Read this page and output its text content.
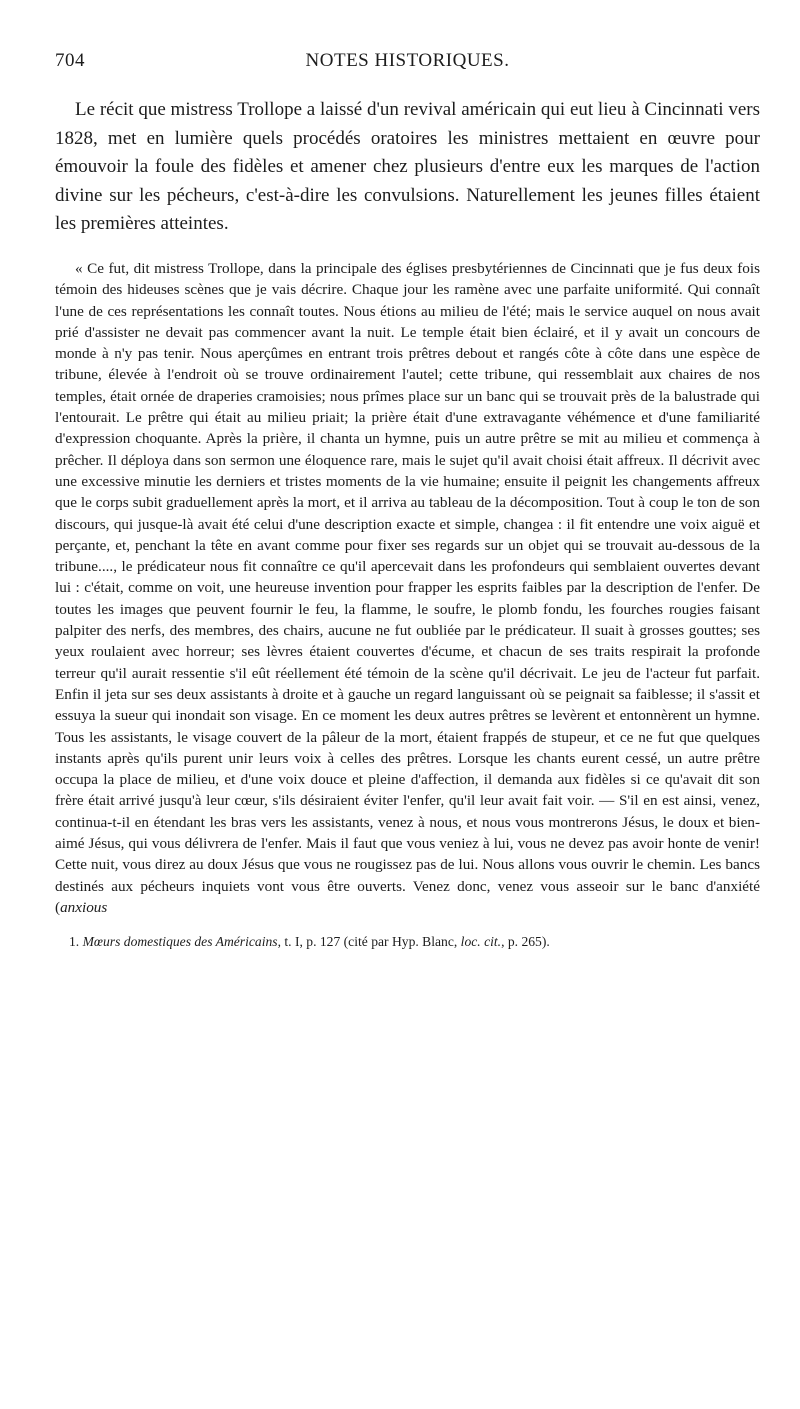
704	NOTES HISTORIQUES.

Le récit que mistress Trollope a laissé d'un revival américain qui eut lieu à Cincinnati vers 1828, met en lumière quels procédés oratoires les ministres mettaient en œuvre pour émouvoir la foule des fidèles et amener chez plusieurs d'entre eux les marques de l'action divine sur les pécheurs, c'est-à-dire les convulsions. Naturellement les jeunes filles étaient les premières atteintes.

« Ce fut, dit mistress Trollope, dans la principale des églises presbytériennes de Cincinnati que je fus deux fois témoin des hideuses scènes que je vais décrire. Chaque jour les ramène avec une parfaite uniformité. Qui connaît l'une de ces représentations les connaît toutes. Nous étions au milieu de l'été; mais le service auquel on nous avait prié d'assister ne devait pas commencer avant la nuit. Le temple était bien éclairé, et il y avait un concours de monde à n'y pas tenir. Nous aperçûmes en entrant trois prêtres debout et rangés côte à côte dans une espèce de tribune, élevée à l'endroit où se trouve ordinairement l'autel; cette tribune, qui ressemblait aux chaires de nos temples, était ornée de draperies cramoisies; nous prîmes place sur un banc qui se trouvait près de la balustrade qui l'entourait. Le prêtre qui était au milieu priait; la prière était d'une extravagante véhémence et d'une familiarité d'expression choquante. Après la prière, il chanta un hymne, puis un autre prêtre se mit au milieu et commença à prêcher. Il déploya dans son sermon une éloquence rare, mais le sujet qu'il avait choisi était affreux. Il décrivit avec une excessive minutie les derniers et tristes moments de la vie humaine; ensuite il peignit les changements affreux que le corps subit graduellement après la mort, et il arriva au tableau de la décomposition. Tout à coup le ton de son discours, qui jusque-là avait été celui d'une description exacte et simple, changea : il fit entendre une voix aiguë et perçante, et, penchant la tête en avant comme pour fixer ses regards sur un objet qui se trouvait au-dessous de la tribune...., le prédicateur nous fit connaître ce qu'il apercevait dans les profondeurs qui semblaient ouvertes devant lui : c'était, comme on voit, une heureuse invention pour frapper les esprits faibles par la description de l'enfer. De toutes les images que peuvent fournir le feu, la flamme, le soufre, le plomb fondu, les fourches rougies faisant palpiter des nerfs, des membres, des chairs, aucune ne fut oubliée par le prédicateur. Il suait à grosses gouttes; ses yeux roulaient avec horreur; ses lèvres étaient couvertes d'écume, et chacun de ses traits respirait la profonde terreur qu'il aurait ressentie s'il eût réellement été témoin de la scène qu'il décrivait. Le jeu de l'acteur fut parfait. Enfin il jeta sur ses deux assistants à droite et à gauche un regard languissant où se peignait sa faiblesse; il s'assit et essuya la sueur qui inondait son visage. En ce moment les deux autres prêtres se levèrent et entonnèrent un hymne. Tous les assistants, le visage couvert de la pâleur de la mort, étaient frappés de stupeur, et ce ne fut que quelques instants après qu'ils purent unir leurs voix à celles des prêtres. Lorsque les chants eurent cessé, un autre prêtre occupa la place de milieu, et d'une voix douce et pleine d'affection, il demanda aux fidèles si ce qu'avait dit son frère était arrivé jusqu'à leur cœur, s'ils désiraient éviter l'enfer, qu'il leur avait fait voir. — S'il en est ainsi, venez, continua-t-il en étendant les bras vers les assistants, venez à nous, et nous vous montrerons Jésus, le doux et bien-aimé Jésus, qui vous délivrera de l'enfer. Mais il faut que vous veniez à lui, vous ne devez pas avoir honte de venir! Cette nuit, vous direz au doux Jésus que vous ne rougissez pas de lui. Nous allons vous ouvrir le chemin. Les bancs destinés aux pécheurs inquiets vont vous être ouverts. Venez donc, venez vous asseoir sur le banc d'anxiété (anxious

1. Mœurs domestiques des Américains, t. I, p. 127 (cité par Hyp. Blanc, loc. cit., p. 265).
